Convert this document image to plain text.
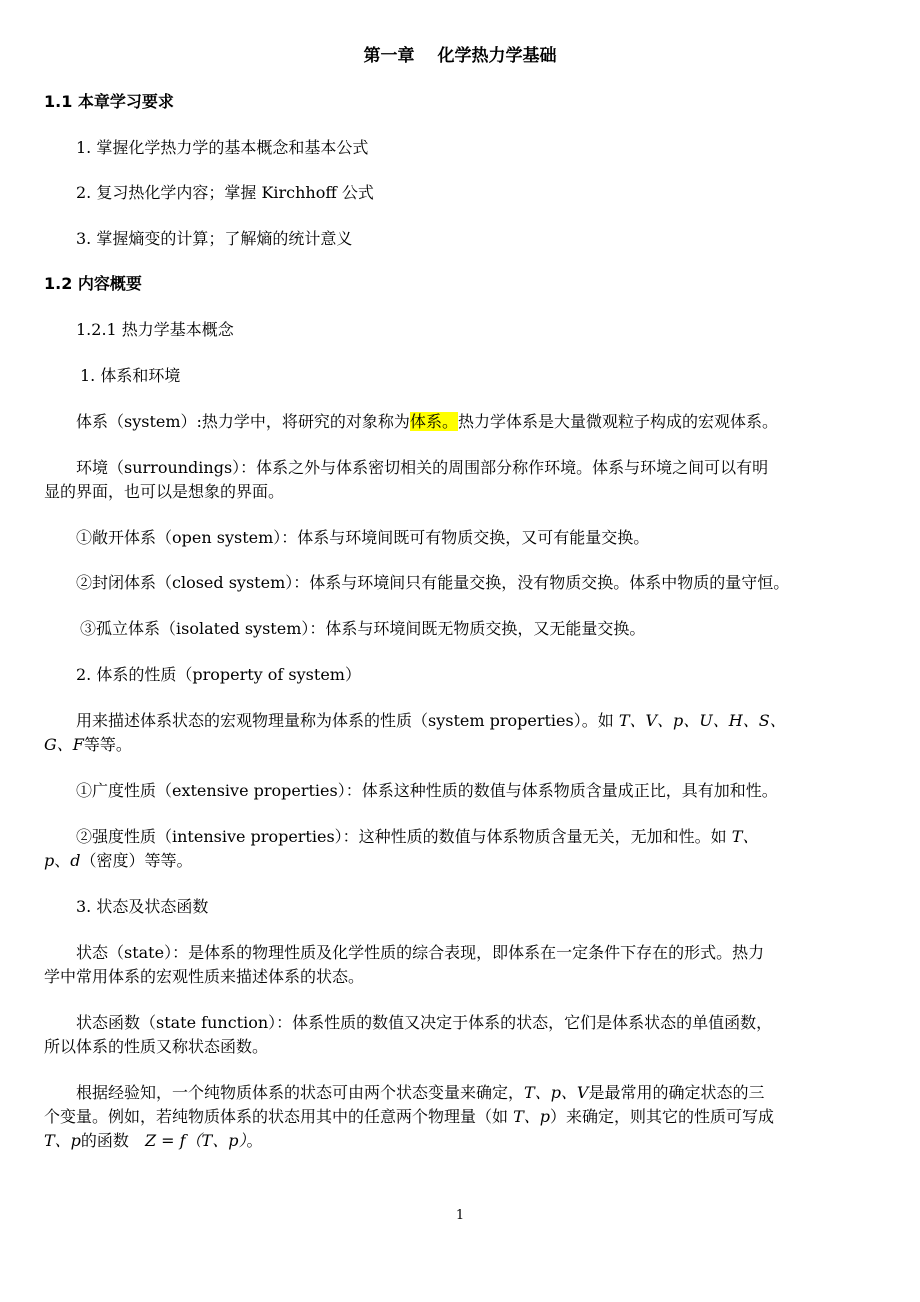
第一章　 化学热力学基础
1.1 本章学习要求
1. 掌握化学热力学的基本概念和基本公式
2. 复习热化学内容；掌握 Kirchhoff 公式
3. 掌握熵变的计算；了解熵的统计意义
1.2 内容概要
1.2.1 热力学基本概念
1. 体系和环境
体系（system）:热力学中，将研究的对象称为体系。热力学体系是大量微观粒子构成的宏观体系。
环境（surroundings）：体系之外与体系密切相关的周围部分称作环境。体系与环境之间可以有明
显的界面，也可以是想象的界面。
①敞开体系（open system）：体系与环境间既可有物质交换，又可有能量交换。
②封闭体系（closed system）：体系与环境间只有能量交换，没有物质交换。体系中物质的量守恒。
③孤立体系（isolated system）：体系与环境间既无物质交换，又无能量交换。
2. 体系的性质（property of system）
用来描述体系状态的宏观物理量称为体系的性质（system properties）。如 T、V、p、U、H、S、
G、F等等。
①广度性质（extensive properties）：体系这种性质的数值与体系物质含量成正比，具有加和性。
②强度性质（intensive properties）：这种性质的数值与体系物质含量无关，无加和性。如 T、
p、d（密度）等等。
3. 状态及状态函数
状态（state）：是体系的物理性质及化学性质的综合表现，即体系在一定条件下存在的形式。热力
学中常用体系的宏观性质来描述体系的状态。
状态函数（state function）：体系性质的数值又决定于体系的状态，它们是体系状态的单值函数，
所以体系的性质又称状态函数。
根据经验知，一个纯物质体系的状态可由两个状态变量来确定，T、p、V是最常用的确定状态的三
个变量。例如，若纯物质体系的状态用其中的任意两个物理量（如 T、p）来确定，则其它的性质可写成
T、p的函数　Z = f（T、p）。
1
